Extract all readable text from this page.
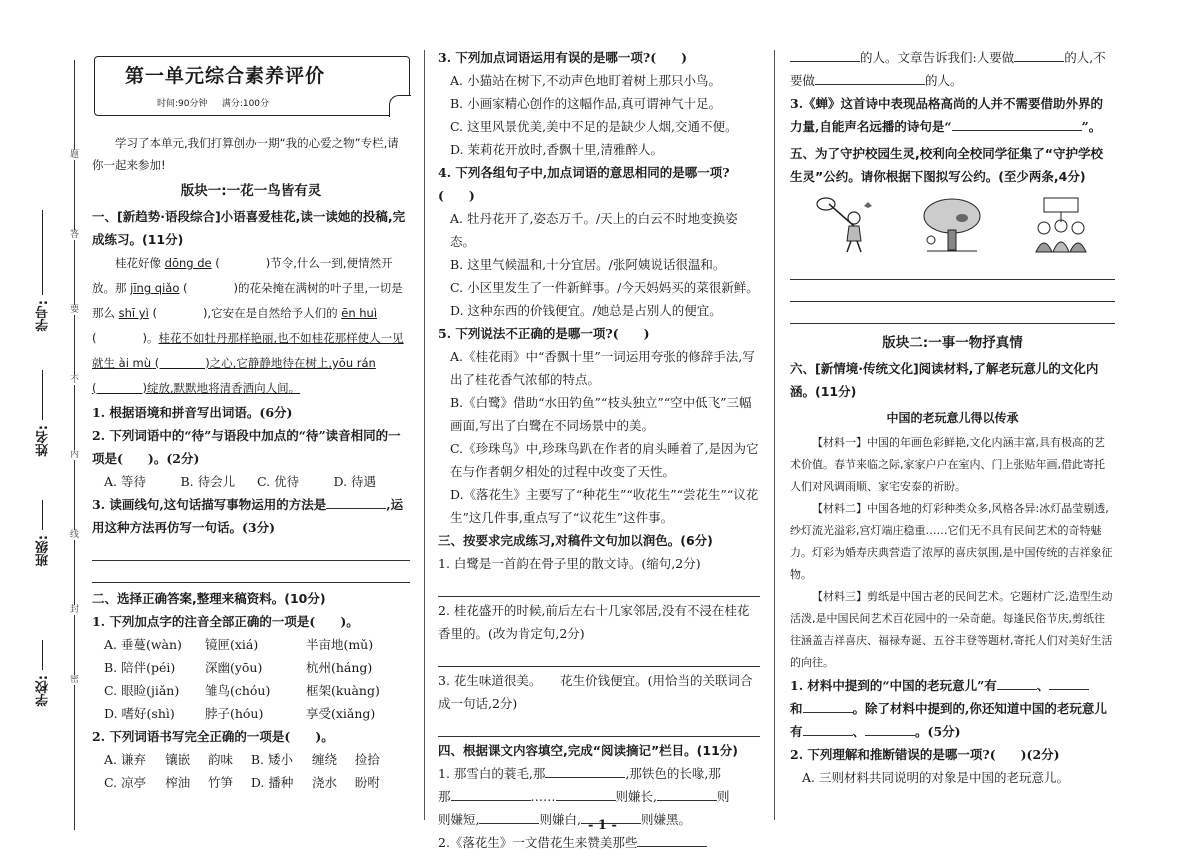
学校:
班级:
姓名:
学号:
题
答
要
不
内
线
封
密
第一单元综合素养评价
时间:90分钟 满分:100分
学习了本单元,我们打算创办一期“我的心爱之物”专栏,请你一起来参加!
版块一:一花一鸟皆有灵
一、[新趋势·语段综合]小语喜爱桂花,读一读她的投稿,完成练习。(11分)
桂花好像 dōng de (　　　　)节令,什么一到,便情然开放。那 jīng qiǎo (　　　　)的花朵掩在满树的叶子里,一切是那么 shī yì (　　　　),它安在是自然给予人们的 ēn huì (　　　　)。桂花不如牡丹那样艳丽,也不如桂花那样使人一见就生 ài mù (　　　　)之心,它静静地待在树上,yōu rán (　　　　)绽放,默默地将清香洒向人间。
1. 根据语境和拼音写出词语。(6分)
2. 下列词语中的“待”与语段中加点的“待”读音相同的一项是(　　)。(2分)
A. 等待	B. 待会儿	C. 优待	D. 待遇
3. 读画线句,这句话描写事物运用的方法是	,运用这种方法再仿写一句话。(3分)
二、选择正确答案,整理来稿资料。(10分)
1. 下列加点字的注音全部正确的一项是(　　)。
A. 垂蔓(wàn)	镜匣(xiá)	半亩地(mǔ)
B. 陪伴(péi)	深幽(yōu)	杭州(háng)
C. 眼睑(jiǎn)	雏鸟(chóu)	框架(kuàng)
D. 嗜好(shì)	脖子(hóu)	享受(xiǎng)
2. 下列词语书写完全正确的一项是(　　)。
A. 谦弃	镶嵌	韵味	B. 矮小	缠绕	捡拾
C. 凉亭	榨油	竹笋	D. 播种	浇水	盼咐
3. 下列加点词语运用有误的是哪一项?(　　)
A. 小猫站在树下,不动声色地盯着树上那只小鸟。
B. 小画家精心创作的这幅作品,真可谓神气十足。
C. 这里风景优美,美中不足的是缺少人烟,交通不便。
D. 茉莉花开放时,香飘十里,清雅醉人。
4. 下列各组句子中,加点词语的意思相同的是哪一项?(　　)
A. 牡丹花开了,姿态万千。/天上的白云不时地变换姿态。
B. 这里气候温和,十分宜居。/张阿姨说话很温和。
C. 小区里发生了一件新鲜事。/今天妈妈买的菜很新鲜。
D. 这种东西的价钱便宜。/她总是占别人的便宜。
5. 下列说法不正确的是哪一项?(　　)
A.《桂花雨》中“香飘十里”一词运用夸张的修辞手法,写出了桂花香气浓郁的特点。
B.《白鹭》借助“水田钓鱼”“枝头独立”“空中低飞”三幅画面,写出了白鹭在不同场景中的美。
C.《珍珠鸟》中,珍珠鸟趴在作者的肩头睡着了,是因为它在与作者朝夕相处的过程中改变了天性。
D.《落花生》主要写了“种花生”“收花生”“尝花生”“议花生”这几件事,重点写了“议花生”这件事。
三、按要求完成练习,对稿件文句加以润色。(6分)
1. 白鹭是一首韵在骨子里的散文诗。(缩句,2分)
2. 桂花盛开的时候,前后左右十几家邻居,没有不浸在桂花香里的。(改为肯定句,2分)
3. 花生味道很美。　　花生价钱便宜。(用恰当的关联词合成一句话,2分)
四、根据课文内容填空,完成“阅读摘记”栏目。(11分)
1. 那雪白的蓑毛,那	,那铁色的长喙,那
那	……	则嫌长,	则
则嫌短,	则嫌白,	则嫌黑。
2.《落花生》一文借花生来赞美那些
的人。文章告诉我们:人要做	的人,不要做	的人。
3.《蝉》这首诗中表现品格高尚的人并不需要借助外界的力量,自能声名远播的诗句是“	”。
五、为了守护校园生灵,校利向全校同学征集了“守护学校生灵”公约。请你根据下图拟写公约。(至少两条,4分)
版块二:一事一物抒真情
六、[新情境·传统文化]阅读材料,了解老玩意儿的文化内涵。(11分)
中国的老玩意儿得以传承
【材料一】中国的年画色彩鲜艳,文化内涵丰富,具有极高的艺术价值。春节来临之际,家家户户在室内、门上张贴年画,借此寄托人们对风调雨顺、家宅安泰的祈盼。
【材料二】中国各地的灯彩种类众多,风格各异:冰灯晶莹剔透,纱灯流光溢彩,宫灯端庄稳重……它们无不具有民间艺术的奇特魅力。灯彩为婚寿庆典营造了浓厚的喜庆氛围,是中国传统的吉祥象征物。
【材料三】剪纸是中国古老的民间艺术。它题材广泛,造型生动活泼,是中国民间艺术百花园中的一朵奇葩。每逢民俗节庆,剪纸往往涵盖吉祥喜庆、福禄寿诞、五谷丰登等题材,寄托人们对美好生活的向往。
1. 材料中提到的“中国的老玩意儿”有	、
和	。除了材料中提到的,你还知道中国的老玩意儿有	、	。(5分)
2. 下列理解和推断错误的是哪一项?(　　)(2分)
A. 三则材料共同说明的对象是中国的老玩意儿。
- 1 -
